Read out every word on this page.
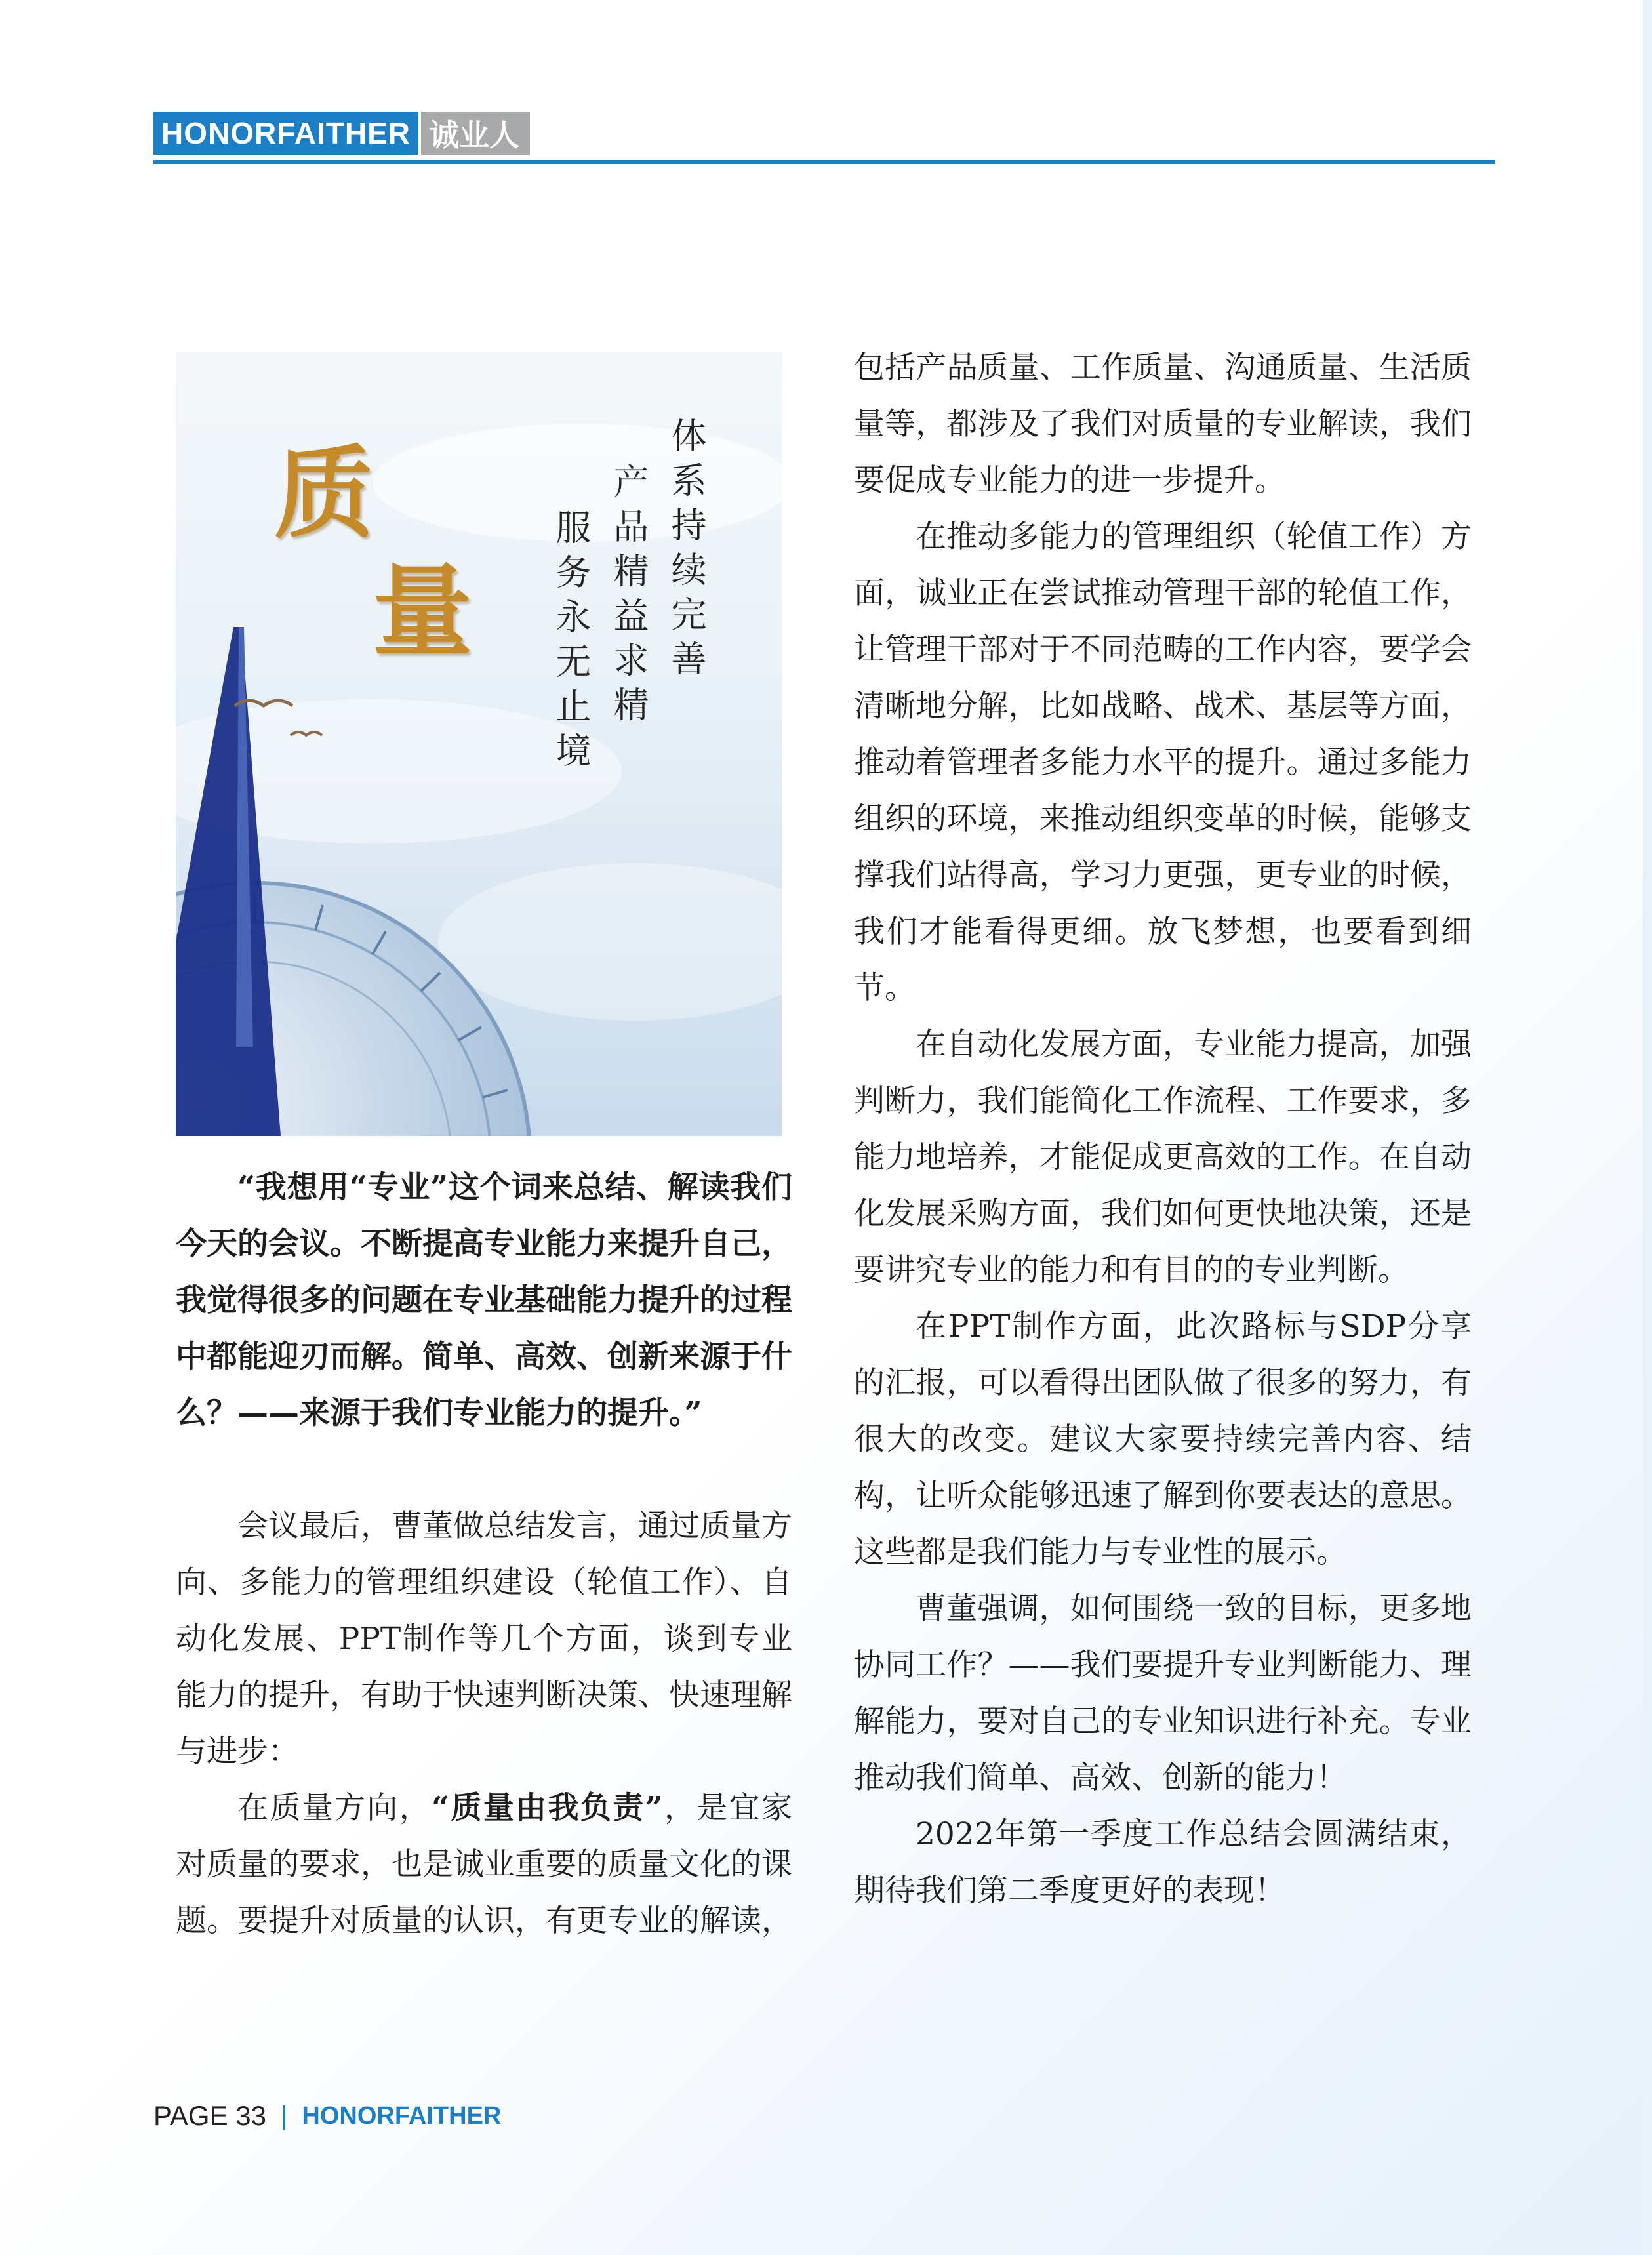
HONORFAITHER 诚业人
质
量	体系持续完善
产品精益求精
服务永无止境

“我想用“专业”这个词来总结、解读我们今天的会议。不断提高专业能力来提升自己，我觉得很多的问题在专业基础能力提升的过程中都能迎刃而解。简单、高效、创新来源于什么？——来源于我们专业能力的提升。”

会议最后，曹董做总结发言，通过质量方向、多能力的管理组织建设（轮值工作）、自动化发展、PPT制作等几个方面，谈到专业能力的提升，有助于快速判断决策、快速理解与进步：

在质量方向，“质量由我负责”，是宜家对质量的要求，也是诚业重要的质量文化的课题。要提升对质量的认识，有更专业的解读，

包括产品质量、工作质量、沟通质量、生活质量等，都涉及了我们对质量的专业解读，我们要促成专业能力的进一步提升。

在推动多能力的管理组织（轮值工作）方面，诚业正在尝试推动管理干部的轮值工作，让管理干部对于不同范畴的工作内容，要学会清晰地分解，比如战略、战术、基层等方面，推动着管理者多能力水平的提升。通过多能力组织的环境，来推动组织变革的时候，能够支撑我们站得高，学习力更强，更专业的时候，我们才能看得更细。放飞梦想，也要看到细节。

在自动化发展方面，专业能力提高，加强判断力，我们能简化工作流程、工作要求，多能力地培养，才能促成更高效的工作。在自动化发展采购方面，我们如何更快地决策，还是要讲究专业的能力和有目的的专业判断。

在PPT制作方面，此次路标与SDP分享的汇报，可以看得出团队做了很多的努力，有很大的改变。建议大家要持续完善内容、结构，让听众能够迅速了解到你要表达的意思。这些都是我们能力与专业性的展示。

曹董强调，如何围绕一致的目标，更多地协同工作？——我们要提升专业判断能力、理解能力，要对自己的专业知识进行补充。专业推动我们简单、高效、创新的能力！

2022年第一季度工作总结会圆满结束，期待我们第二季度更好的表现！

PAGE 33 | HONORFAITHER
